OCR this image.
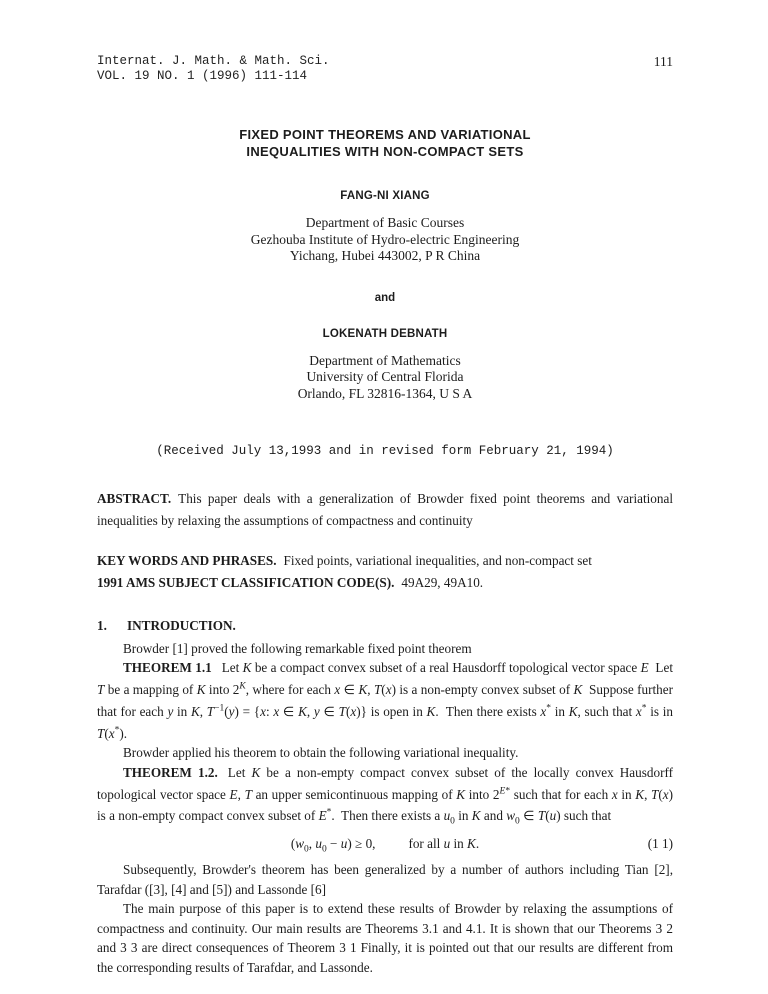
Internat. J. Math. & Math. Sci.
VOL. 19 NO. 1 (1996) 111-114
111
FIXED POINT THEOREMS AND VARIATIONAL
INEQUALITIES WITH NON-COMPACT SETS
FANG-NI XIANG
Department of Basic Courses
Gezhouba Institute of Hydro-electric Engineering
Yichang, Hubei 443002, P R China
and
LOKENATH DEBNATH
Department of Mathematics
University of Central Florida
Orlando, FL 32816-1364, U S A
(Received July 13,1993 and in revised form February 21, 1994)

ABSTRACT. This paper deals with a generalization of Browder fixed point theorems and variational inequalities by relaxing the assumptions of compactness and continuity

KEY WORDS AND PHRASES. Fixed points, variational inequalities, and non-compact set
1991 AMS SUBJECT CLASSIFICATION CODE(S). 49A29, 49A10.
1. INTRODUCTION.

Browder [1] proved the following remarkable fixed point theorem

THEOREM 1.1 Let K be a compact convex subset of a real Hausdorff topological vector space E  Let T be a mapping of K into $2^K$, where for each x ∈ K, T(x) is a non-empty convex subset of K  Suppose further that for each y in K, $T^{-1}(y) = \{x$: x ∈ K, y ∈ T(x)} is open in K.  Then there exists x* in K, such that x* is in T(x*).

Browder applied his theorem to obtain the following variational inequality.

THEOREM 1.2. Let K be a non-empty compact convex subset of the locally convex Hausdorff topological vector space E, T an upper semicontinuous mapping of K into $2^{E*}$ such that for each x in K, T(x) is a non-empty compact convex subset of E*.  Then there exists a $u_0$ in K and $w_0$ ∈ T(u) such that

($w_0$, $u_0 - u) \ge 0$,   for all u in K.	(1 1)

Subsequently, Browder's theorem has been generalized by a number of authors including Tian [2], Tarafdar ([3], [4] and [5]) and Lassonde [6]

The main purpose of this paper is to extend these results of Browder by relaxing the assumptions of compactness and continuity. Our main results are Theorems 3.1 and 4.1. It is shown that our Theorems 3 2 and 3 3 are direct consequences of Theorem 3 1 Finally, it is pointed out that our results are different from the corresponding results of Tarafdar, and Lassonde.
